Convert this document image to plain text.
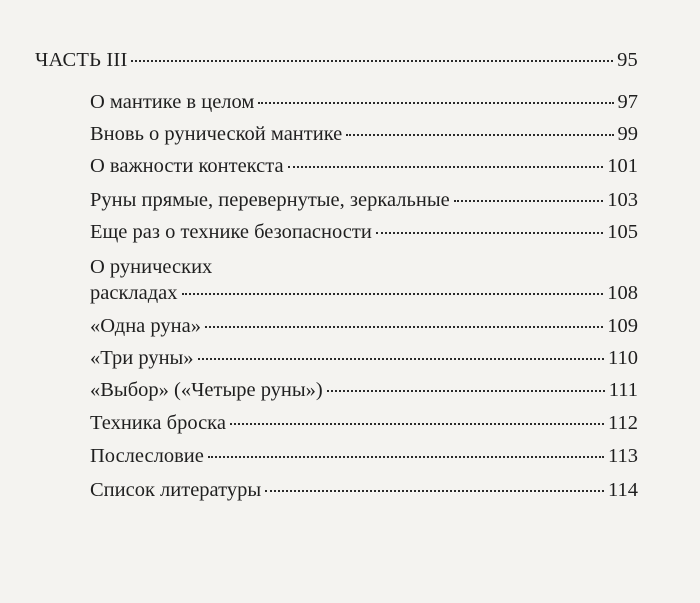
ЧАСТЬ III	95
О мантике в целом	97
Вновь о рунической мантике	99
О важности контекста	101
Руны прямые, перевернутые, зеркальные	103
Еще раз о технике безопасности	105
О рунических
раскладах	108
«Одна руна»	109
«Три руны»	110
«Выбор» («Четыре руны»)	111
Техника броска	112
Послесловие	113
Список литературы	114
